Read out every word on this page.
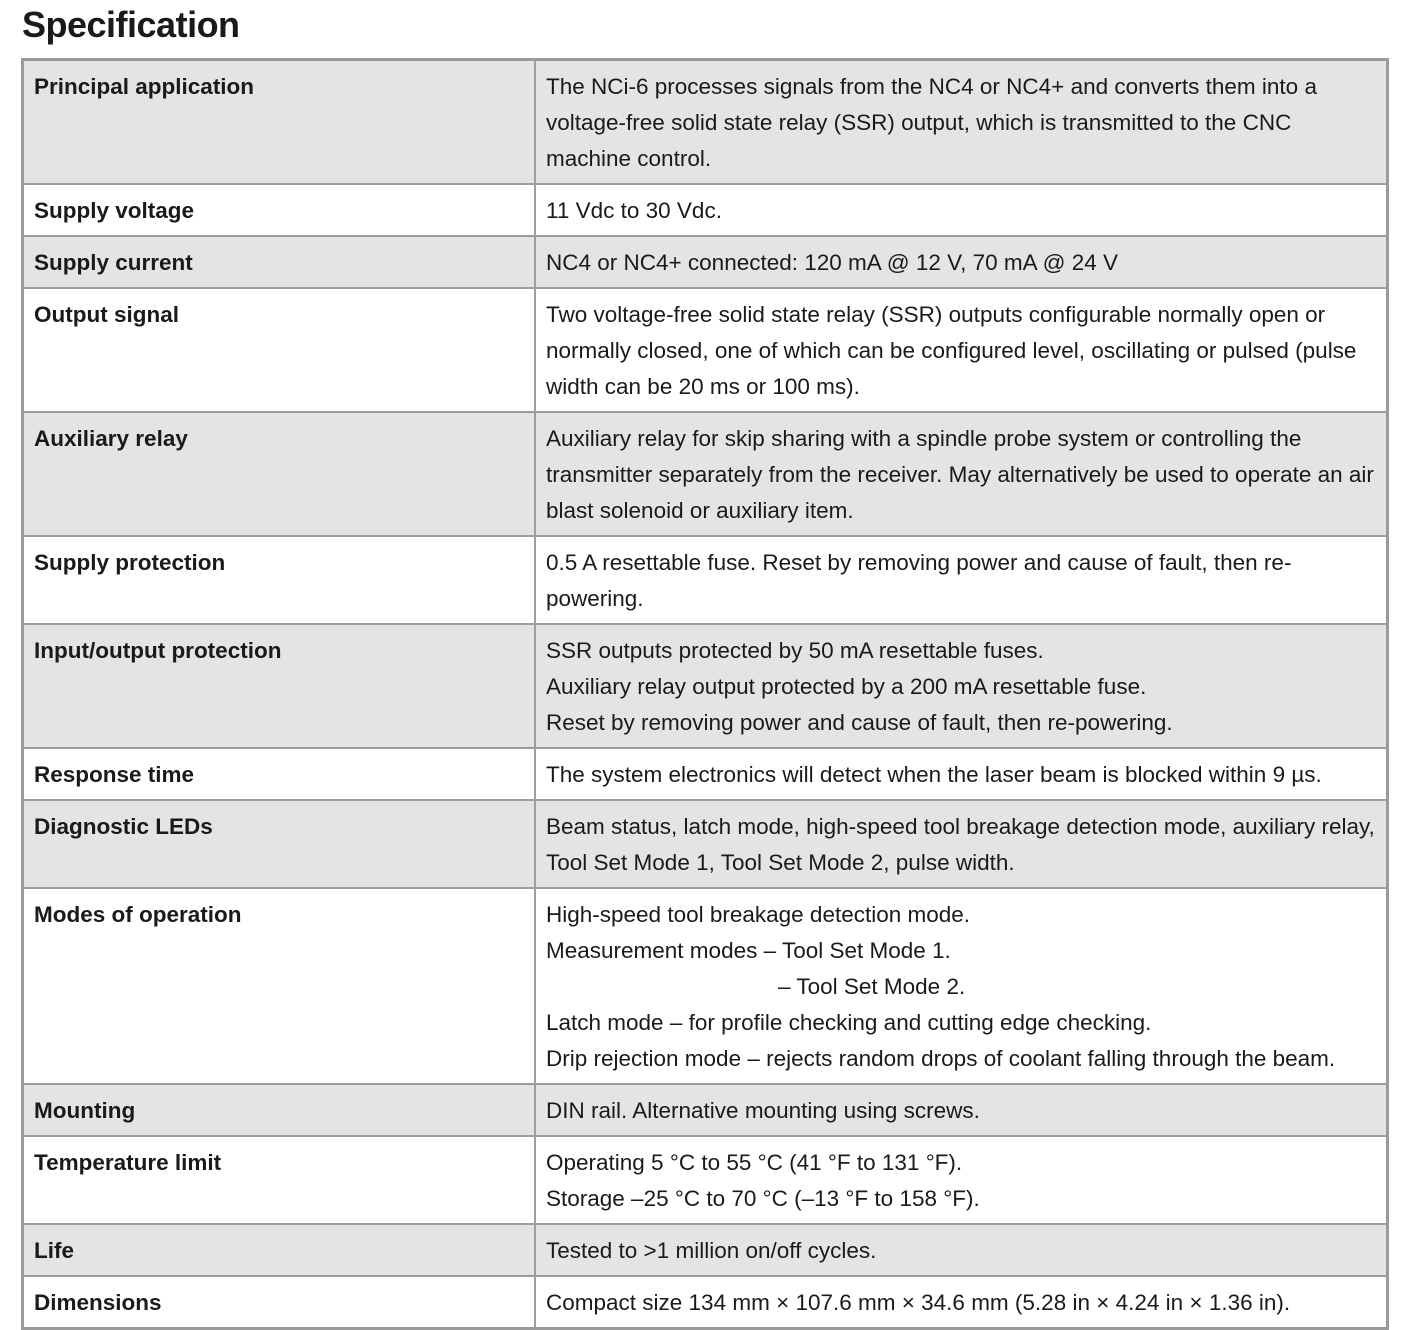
Specification
Principal application	The NCi-6 processes signals from the NC4 or NC4+ and converts them into a voltage-free solid state relay (SSR) output, which is transmitted to the CNC machine control.

Supply voltage	11 Vdc to 30 Vdc.

Supply current	NC4 or NC4+ connected: 120 mA @ 12 V, 70 mA @ 24 V

Output signal	Two voltage-free solid state relay (SSR) outputs configurable normally open or normally closed, one of which can be configured level, oscillating or pulsed (pulse width can be 20 ms or 100 ms).

Auxiliary relay	Auxiliary relay for skip sharing with a spindle probe system or controlling the transmitter separately from the receiver. May alternatively be used to operate an air blast solenoid or auxiliary item.

Supply protection	0.5 A resettable fuse. Reset by removing power and cause of fault, then re-powering.

Input/output protection	SSR outputs protected by 50 mA resettable fuses.
Auxiliary relay output protected by a 200 mA resettable fuse.
Reset by removing power and cause of fault, then re-powering.

Response time	The system electronics will detect when the laser beam is blocked within 9 µs.

Diagnostic LEDs	Beam status, latch mode, high-speed tool breakage detection mode, auxiliary relay, Tool Set Mode 1, Tool Set Mode 2, pulse width.

Modes of operation	High-speed tool breakage detection mode.
Measurement modes – Tool Set Mode 1.
– Tool Set Mode 2.
Latch mode – for profile checking and cutting edge checking.
Drip rejection mode – rejects random drops of coolant falling through the beam.

Mounting	DIN rail. Alternative mounting using screws.

Temperature limit	Operating 5 °C to 55 °C (41 °F to 131 °F).
Storage –25 °C to 70 °C (–13 °F to 158 °F).

Life	Tested to >1 million on/off cycles.

Dimensions	Compact size 134 mm × 107.6 mm × 34.6 mm (5.28 in × 4.24 in × 1.36 in).
